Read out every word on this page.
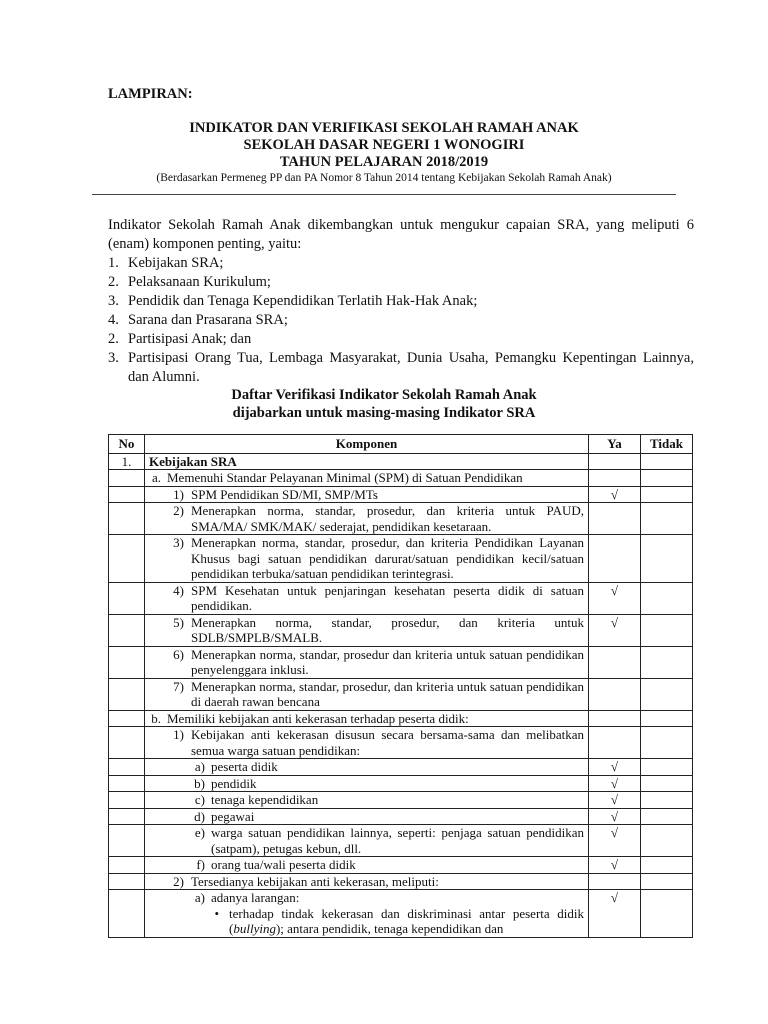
LAMPIRAN:
INDIKATOR DAN VERIFIKASI SEKOLAH RAMAH ANAK
SEKOLAH DASAR NEGERI 1 WONOGIRI
TAHUN PELAJARAN 2018/2019
(Berdasarkan Permeneg PP dan PA Nomor 8 Tahun 2014 tentang Kebijakan Sekolah Ramah Anak)

Indikator Sekolah Ramah Anak dikembangkan untuk mengukur capaian SRA, yang meliputi 6 (enam) komponen penting, yaitu:

1. Kebijakan SRA;
2. Pelaksanaan Kurikulum;
3. Pendidik dan Tenaga Kependidikan Terlatih Hak-Hak Anak;
4. Sarana dan Prasarana SRA;
2. Partisipasi Anak; dan
3. Partisipasi Orang Tua, Lembaga Masyarakat, Dunia Usaha, Pemangku Kepentingan Lainnya, dan Alumni.
Daftar Verifikasi Indikator Sekolah Ramah Anak
dijabarkan untuk masing-masing Indikator SRA
No	Komponen	Ya	Tidak
1.	Kebijakan SRA		

	a. Memenuhi Standar Pelayanan Minimal (SPM) di Satuan Pendidikan		

	1) SPM Pendidikan SD/MI, SMP/MTs	√	

	2) Menerapkan norma, standar, prosedur, dan kriteria untuk PAUD, SMA/MA/ SMK/MAK/ sederajat, pendidikan kesetaraan.		

	3) Menerapkan norma, standar, prosedur, dan kriteria Pendidikan Layanan Khusus bagi satuan pendidikan darurat/satuan pendidikan kecil/satuan pendidikan terbuka/satuan pendidikan terintegrasi.		

	4) SPM Kesehatan untuk penjaringan kesehatan peserta didik di satuan pendidikan.	√	

	5) Menerapkan norma, standar, prosedur, dan kriteria untuk SDLB/SMPLB/SMALB.	√	

	6) Menerapkan norma, standar, prosedur dan kriteria untuk satuan pendidikan penyelenggara inklusi.		

	7) Menerapkan norma, standar, prosedur, dan kriteria untuk satuan pendidikan di daerah rawan bencana		

	b. Memiliki kebijakan anti kekerasan terhadap peserta didik:		

	1) Kebijakan anti kekerasan disusun secara bersama-sama dan melibatkan semua warga satuan pendidikan:		

	a) peserta didik	√	

	b) pendidik	√	

	c) tenaga kependidikan	√	

	d) pegawai	√	

	e) warga satuan pendidikan lainnya, seperti: penjaga satuan pendidikan (satpam), petugas kebun, dll.	√	

	f) orang tua/wali peserta didik	√	

	2) Tersedianya kebijakan anti kekerasan, meliputi:		

	a) adanya larangan:
• terhadap tindak kekerasan dan diskriminasi antar peserta didik (bullying); antara pendidik, tenaga kependidikan dan	√	
